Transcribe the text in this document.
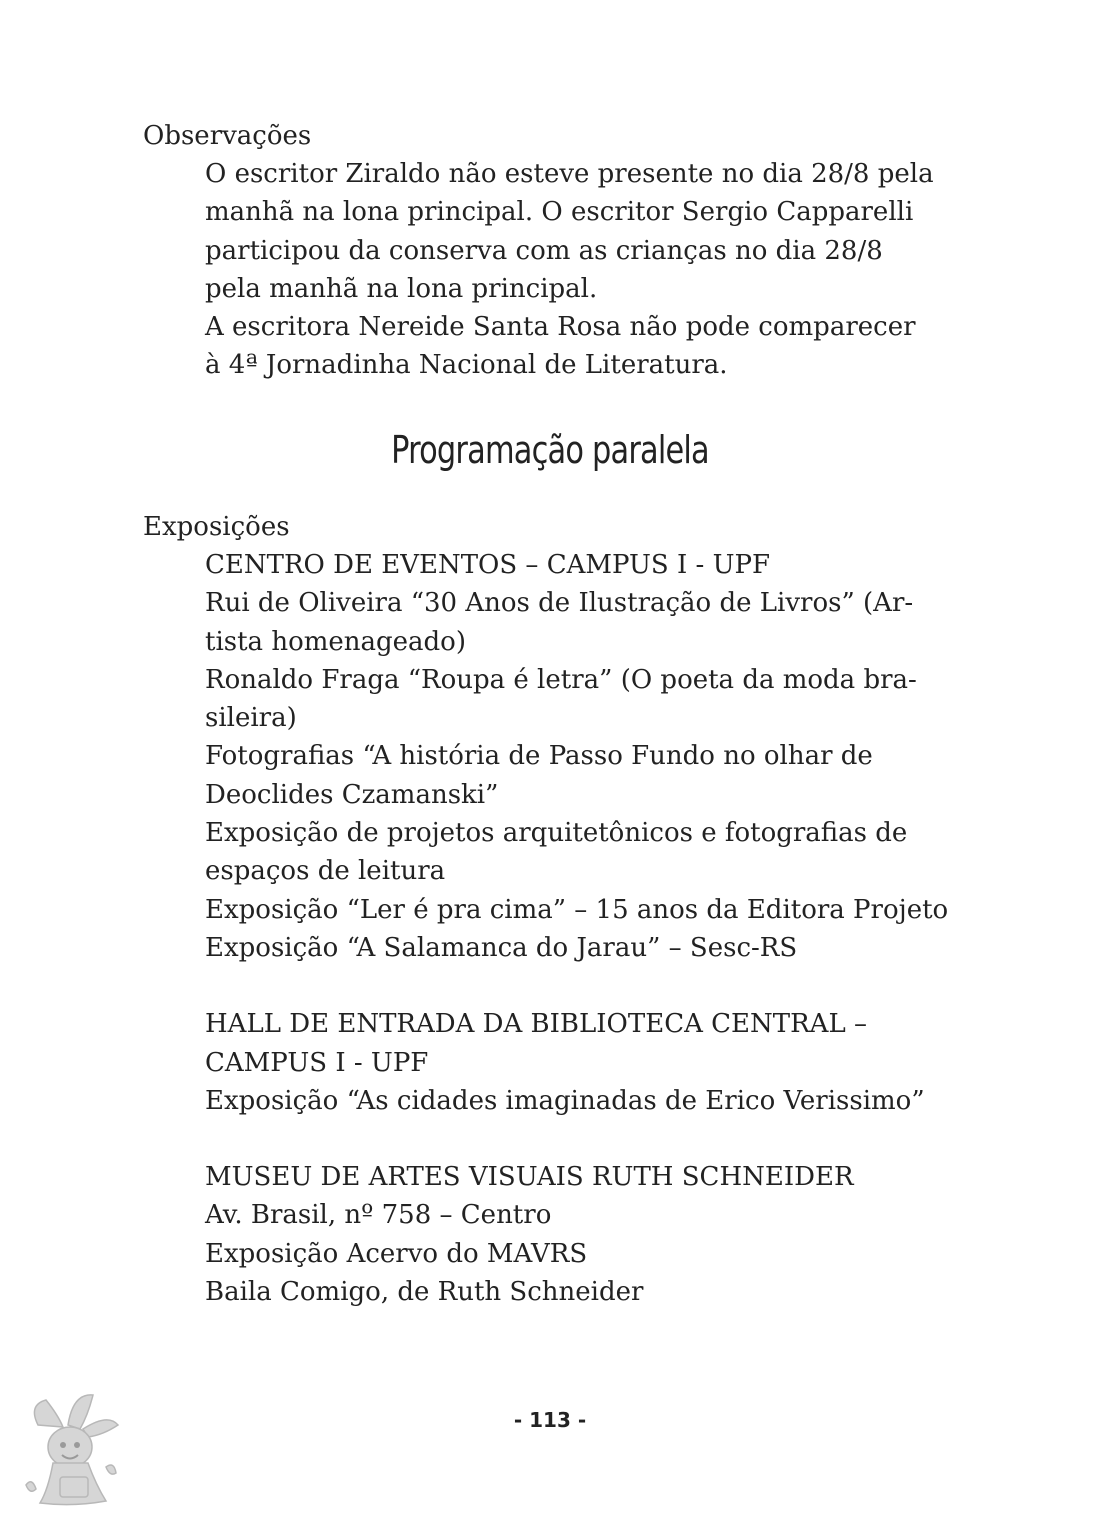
Observações

O escritor Ziraldo não esteve presente no dia 28/8 pela

manhã na lona principal. O escritor Sergio Capparelli

participou da conserva com as crianças no dia 28/8

pela manhã na lona principal.

A escritora Nereide Santa Rosa não pode comparecer

à 4ª Jornadinha Nacional de Literatura.

Programação paralela
Exposições

CENTRO DE EVENTOS – CAMPUS I - UPF

Rui de Oliveira “30 Anos de Ilustração de Livros” (Ar-

tista homenageado)

Ronaldo Fraga “Roupa é letra” (O poeta da moda bra-

sileira)

Fotografias “A história de Passo Fundo no olhar de

Deoclides Czamanski”

Exposição de projetos arquitetônicos e fotografias de

espaços de leitura

Exposição “Ler é pra cima” – 15 anos da Editora Projeto

Exposição “A Salamanca do Jarau” – Sesc-RS

HALL DE ENTRADA DA BIBLIOTECA CENTRAL –

CAMPUS I - UPF

Exposição “As cidades imaginadas de Erico Verissimo”

MUSEU DE ARTES VISUAIS RUTH SCHNEIDER

Av. Brasil, nº 758 – Centro

Exposição Acervo do MAVRS

Baila Comigo, de Ruth Schneider

- 113 -
